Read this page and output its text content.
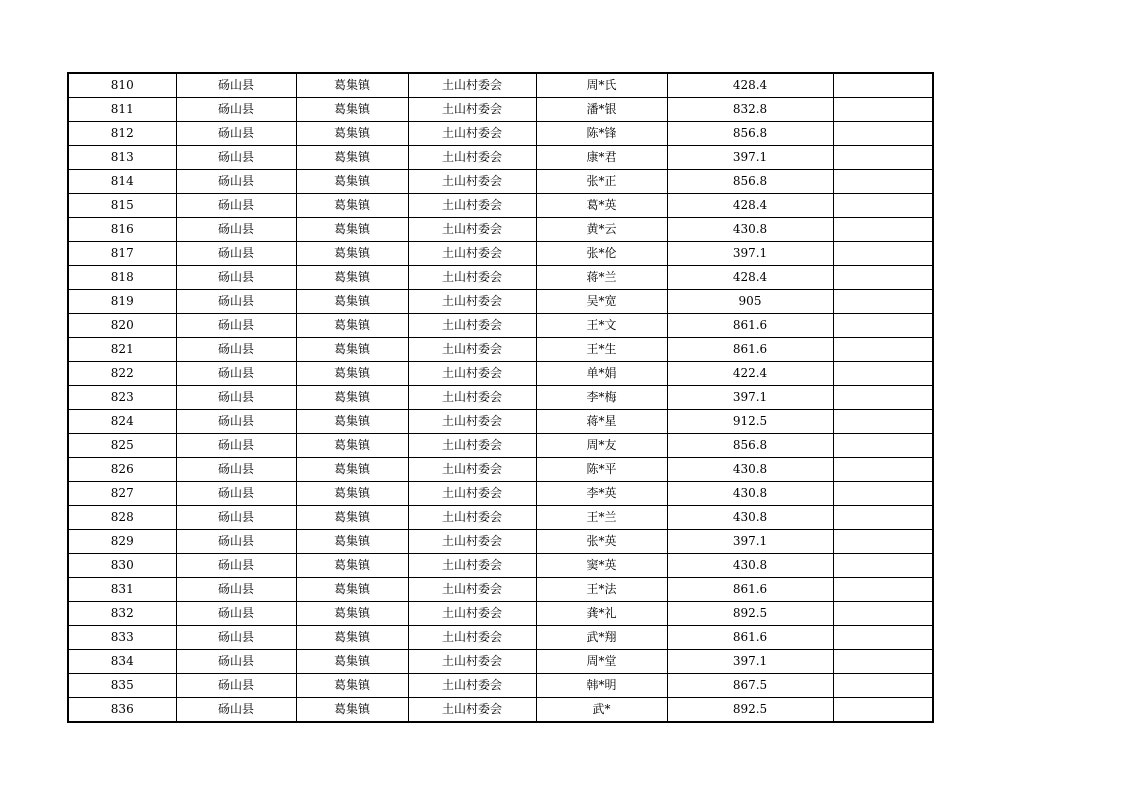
810	砀山县	葛集镇	土山村委会	周*氏	428.4	
811	砀山县	葛集镇	土山村委会	潘*银	832.8	
812	砀山县	葛集镇	土山村委会	陈*锋	856.8	
813	砀山县	葛集镇	土山村委会	康*君	397.1	
814	砀山县	葛集镇	土山村委会	张*正	856.8	
815	砀山县	葛集镇	土山村委会	葛*英	428.4	
816	砀山县	葛集镇	土山村委会	黄*云	430.8	
817	砀山县	葛集镇	土山村委会	张*伦	397.1	
818	砀山县	葛集镇	土山村委会	蒋*兰	428.4	
819	砀山县	葛集镇	土山村委会	吴*宽	905	
820	砀山县	葛集镇	土山村委会	王*文	861.6	
821	砀山县	葛集镇	土山村委会	王*生	861.6	
822	砀山县	葛集镇	土山村委会	单*娟	422.4	
823	砀山县	葛集镇	土山村委会	李*梅	397.1	
824	砀山县	葛集镇	土山村委会	蒋*星	912.5	
825	砀山县	葛集镇	土山村委会	周*友	856.8	
826	砀山县	葛集镇	土山村委会	陈*平	430.8	
827	砀山县	葛集镇	土山村委会	李*英	430.8	
828	砀山县	葛集镇	土山村委会	王*兰	430.8	
829	砀山县	葛集镇	土山村委会	张*英	397.1	
830	砀山县	葛集镇	土山村委会	窦*英	430.8	
831	砀山县	葛集镇	土山村委会	王*法	861.6	
832	砀山县	葛集镇	土山村委会	龚*礼	892.5	
833	砀山县	葛集镇	土山村委会	武*翔	861.6	
834	砀山县	葛集镇	土山村委会	周*堂	397.1	
835	砀山县	葛集镇	土山村委会	韩*明	867.5	
836	砀山县	葛集镇	土山村委会	武*	892.5	
